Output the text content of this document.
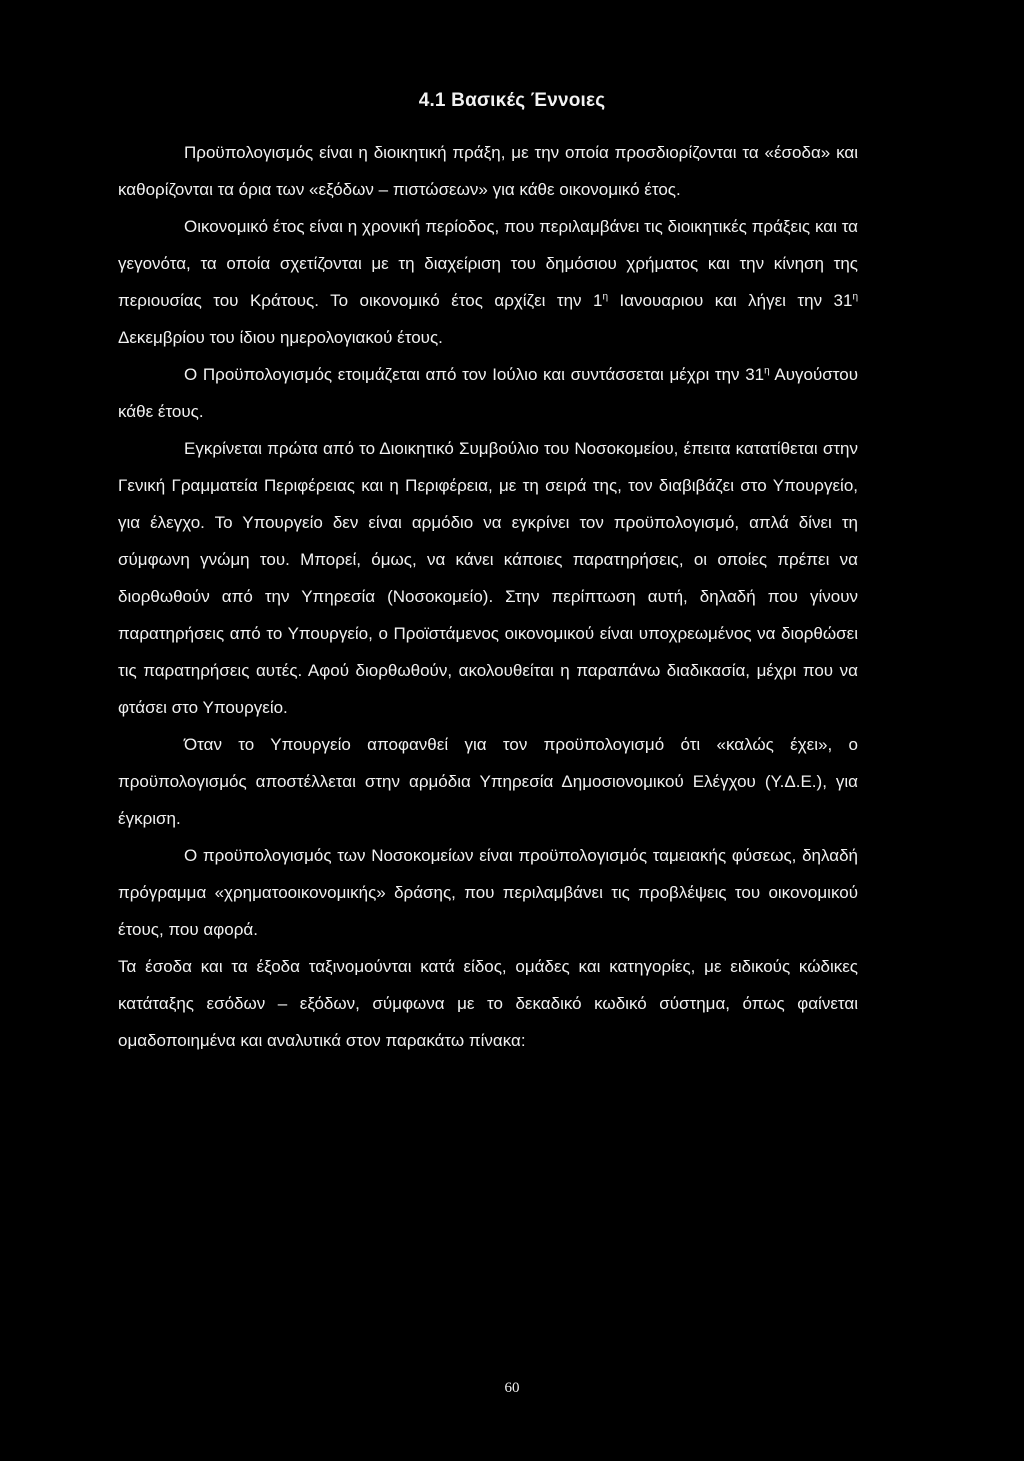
4.1 Βασικές Έννοιες

Προϋπολογισμός είναι η διοικητική πράξη, με την οποία προσδιορίζονται τα «έσοδα» και καθορίζονται τα όρια των «εξόδων – πιστώσεων» για κάθε οικονομικό έτος.

Οικονομικό έτος είναι η χρονική περίοδος, που περιλαμβάνει τις διοικητικές πράξεις και τα γεγονότα, τα οποία σχετίζονται με τη διαχείριση του δημόσιου χρήματος και την κίνηση της περιουσίας του Κράτους. Το οικονομικό έτος αρχίζει την $1^\eta$ Ιανουαριου και λήγει την $31^\eta$ Δεκεμβρίου του ίδιου ημερολογιακού έτους.

Ο Προϋπολογισμός ετοιμάζεται από τον Ιούλιο και συντάσσεται μέχρι την $31^\eta$ Αυγούστου κάθε έτους.

Εγκρίνεται πρώτα από το Διοικητικό Συμβούλιο του Νοσοκομείου, έπειτα κατατίθεται στην Γενική Γραμματεία Περιφέρειας και η Περιφέρεια, με τη σειρά της, τον διαβιβάζει στο Υπουργείο, για έλεγχο. Το Υπουργείο δεν είναι αρμόδιο να εγκρίνει τον προϋπολογισμό, απλά δίνει τη σύμφωνη γνώμη του. Μπορεί, όμως, να κάνει κάποιες παρατηρήσεις, οι οποίες πρέπει να διορθωθούν από την Υπηρεσία (Νοσοκομείο). Στην περίπτωση αυτή, δηλαδή που γίνουν παρατηρήσεις από το Υπουργείο, ο Προϊστάμενος οικονομικού είναι υποχρεωμένος να διορθώσει τις παρατηρήσεις αυτές. Αφού διορθωθούν, ακολουθείται η παραπάνω διαδικασία, μέχρι που να φτάσει στο Υπουργείο.

Όταν το Υπουργείο αποφανθεί για τον προϋπολογισμό ότι «καλώς έχει», ο προϋπολογισμός αποστέλλεται στην αρμόδια Υπηρεσία Δημοσιονομικού Ελέγχου (Υ.Δ.Ε.), για έγκριση.

Ο προϋπολογισμός των Νοσοκομείων είναι προϋπολογισμός ταμειακής φύσεως, δηλαδή πρόγραμμα «χρηματοοικονομικής» δράσης, που περιλαμβάνει τις προβλέψεις του οικονομικού έτους, που αφορά.

Τα έσοδα και τα έξοδα ταξινομούνται κατά είδος, ομάδες και κατηγορίες, με ειδικούς κώδικες κατάταξης εσόδων – εξόδων, σύμφωνα με το δεκαδικό κωδικό σύστημα, όπως φαίνεται ομαδοποιημένα και αναλυτικά στον παρακάτω πίνακα:

60
